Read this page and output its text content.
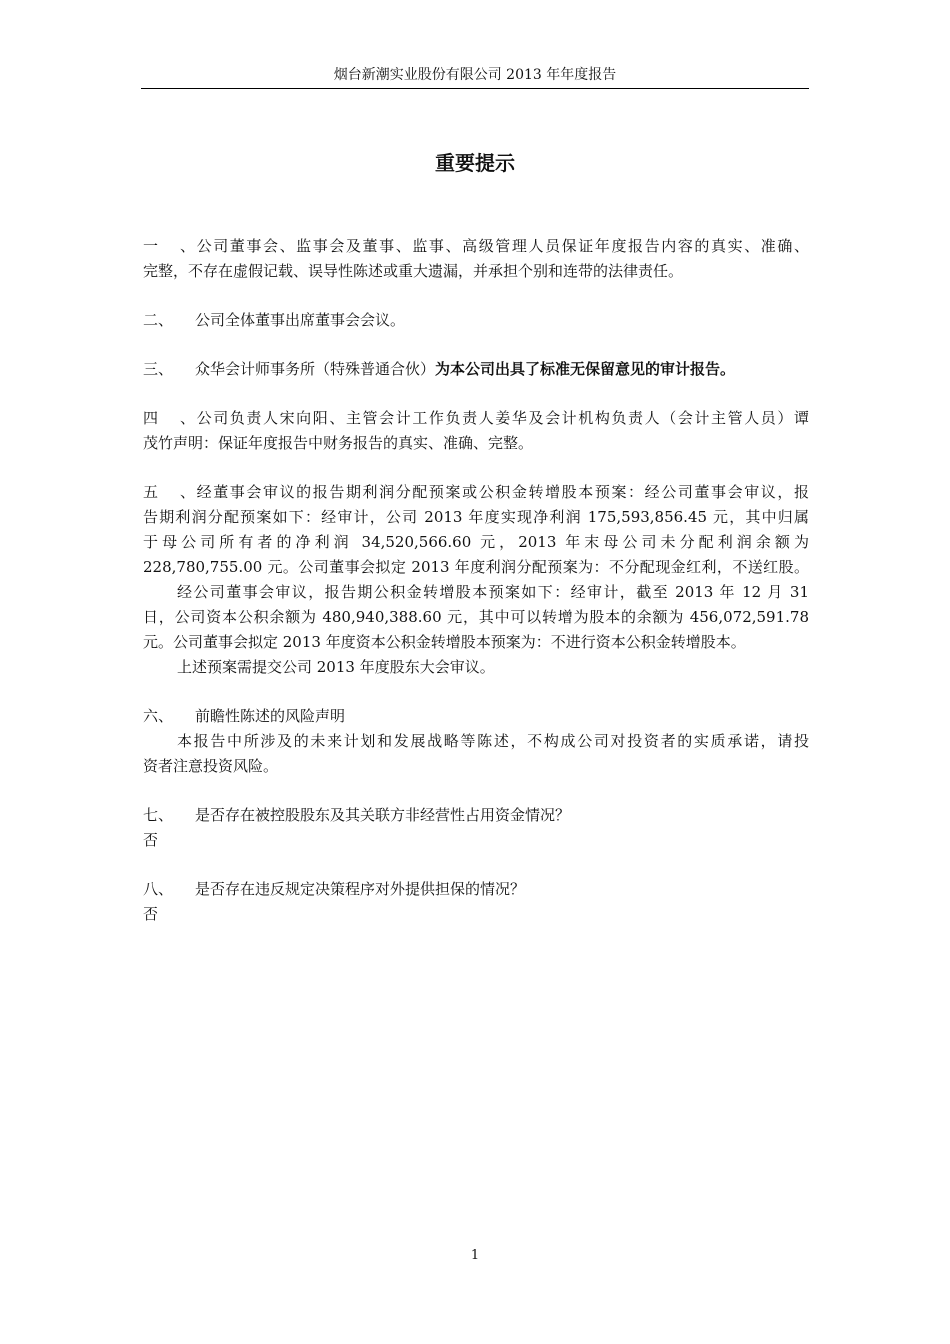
烟台新潮实业股份有限公司 2013 年年度报告
重要提示
一、公司董事会、监事会及董事、监事、高级管理人员保证年度报告内容的真实、准确、
完整，不存在虚假记载、误导性陈述或重大遗漏，并承担个别和连带的法律责任。
二、 公司全体董事出席董事会会议。
三、 众华会计师事务所（特殊普通合伙）为本公司出具了标准无保留意见的审计报告。
四、公司负责人宋向阳、主管会计工作负责人姜华及会计机构负责人（会计主管人员）谭
茂竹声明：保证年度报告中财务报告的真实、准确、完整。
五、经董事会审议的报告期利润分配预案或公积金转增股本预案：经公司董事会审议，报
告期利润分配预案如下：经审计，公司 2013 年度实现净利润 175,593,856.45 元，其中归属
于母公司所有者的净利润 34,520,566.60 元，2013 年末母公司未分配利润余额为
228,780,755.00 元。公司董事会拟定 2013 年度利润分配预案为：不分配现金红利，不送红股。
经公司董事会审议，报告期公积金转增股本预案如下：经审计，截至 2013 年 12 月 31
日，公司资本公积余额为 480,940,388.60 元，其中可以转增为股本的余额为 456,072,591.78
元。公司董事会拟定 2013 年度资本公积金转增股本预案为：不进行资本公积金转增股本。
上述预案需提交公司 2013 年度股东大会审议。
六、 前瞻性陈述的风险声明
本报告中所涉及的未来计划和发展战略等陈述，不构成公司对投资者的实质承诺，请投
资者注意投资风险。
七、 是否存在被控股股东及其关联方非经营性占用资金情况？
否
八、 是否存在违反规定决策程序对外提供担保的情况？
否
1
